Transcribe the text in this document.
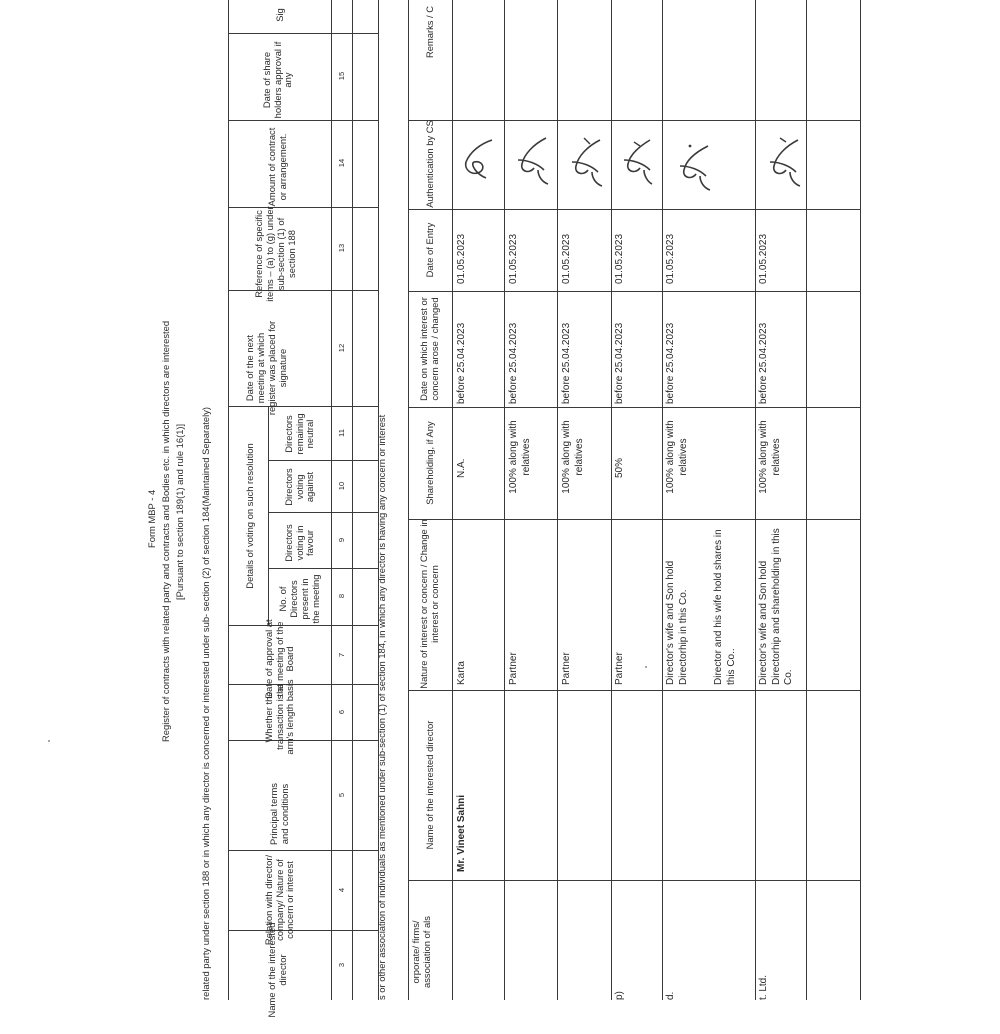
Form MBP - 4 Register of contracts with related party and contracts and Bodies etc. in which directors are interested [Pursuant to section 189(1) and rule 16(1)] related party under section 188 or in which any director is concerned or interested under sub- section (2) of section 184(Maintained Separately)	Name of the interested director
Relation with director/ company/ Nature of concern or interest
Principal terms and conditions
Whether the transaction is at arm's length basis
Date of approval at the meeting of the Board
Details of voting on such resolution
No. of Directors present in the meeting
Directors voting in favour
Directors voting against
Directors remaining neutral
Date of the next meeting at which register was placed for signature
Reference of specific items – (a) to (g) under sub-section (1) of section 188
Amount of contract or arrangement.
Date of share holders approval if any
Sig
3
4
5
6
7
8
9
10
11
12
13
14
15
s or other association of individuals as mentioned under sub-section (1) of section 184, in which any director is having any concern or interest	orporate/ firms/ association of als
Name of the interested director
Nature of interest or concern / Change in interest or concern
Shareholding, if Any
Date on which interest or concern arose / changed
Date of Entry
Authentication by CS
Remarks / C
Mr. Vineet Sahni
Karta
N.A.
before 25.04.2023
01.05.2023
Partner
100% along with relatives
before 25.04.2023
01.05.2023
Partner
100% along with relatives
before 25.04.2023
01.05.2023
p)
Partner
50%
before 25.04.2023
01.05.2023
d.
Director's wife and Son hold Directorhip in this Co. Director and his wife hold shares in this Co..
100% along with relatives
before 25.04.2023
01.05.2023
t. Ltd.
Director's wife and Son hold Directorhip and shareholding in this Co.
100% along with relatives
before 25.04.2023
01.05.2023
